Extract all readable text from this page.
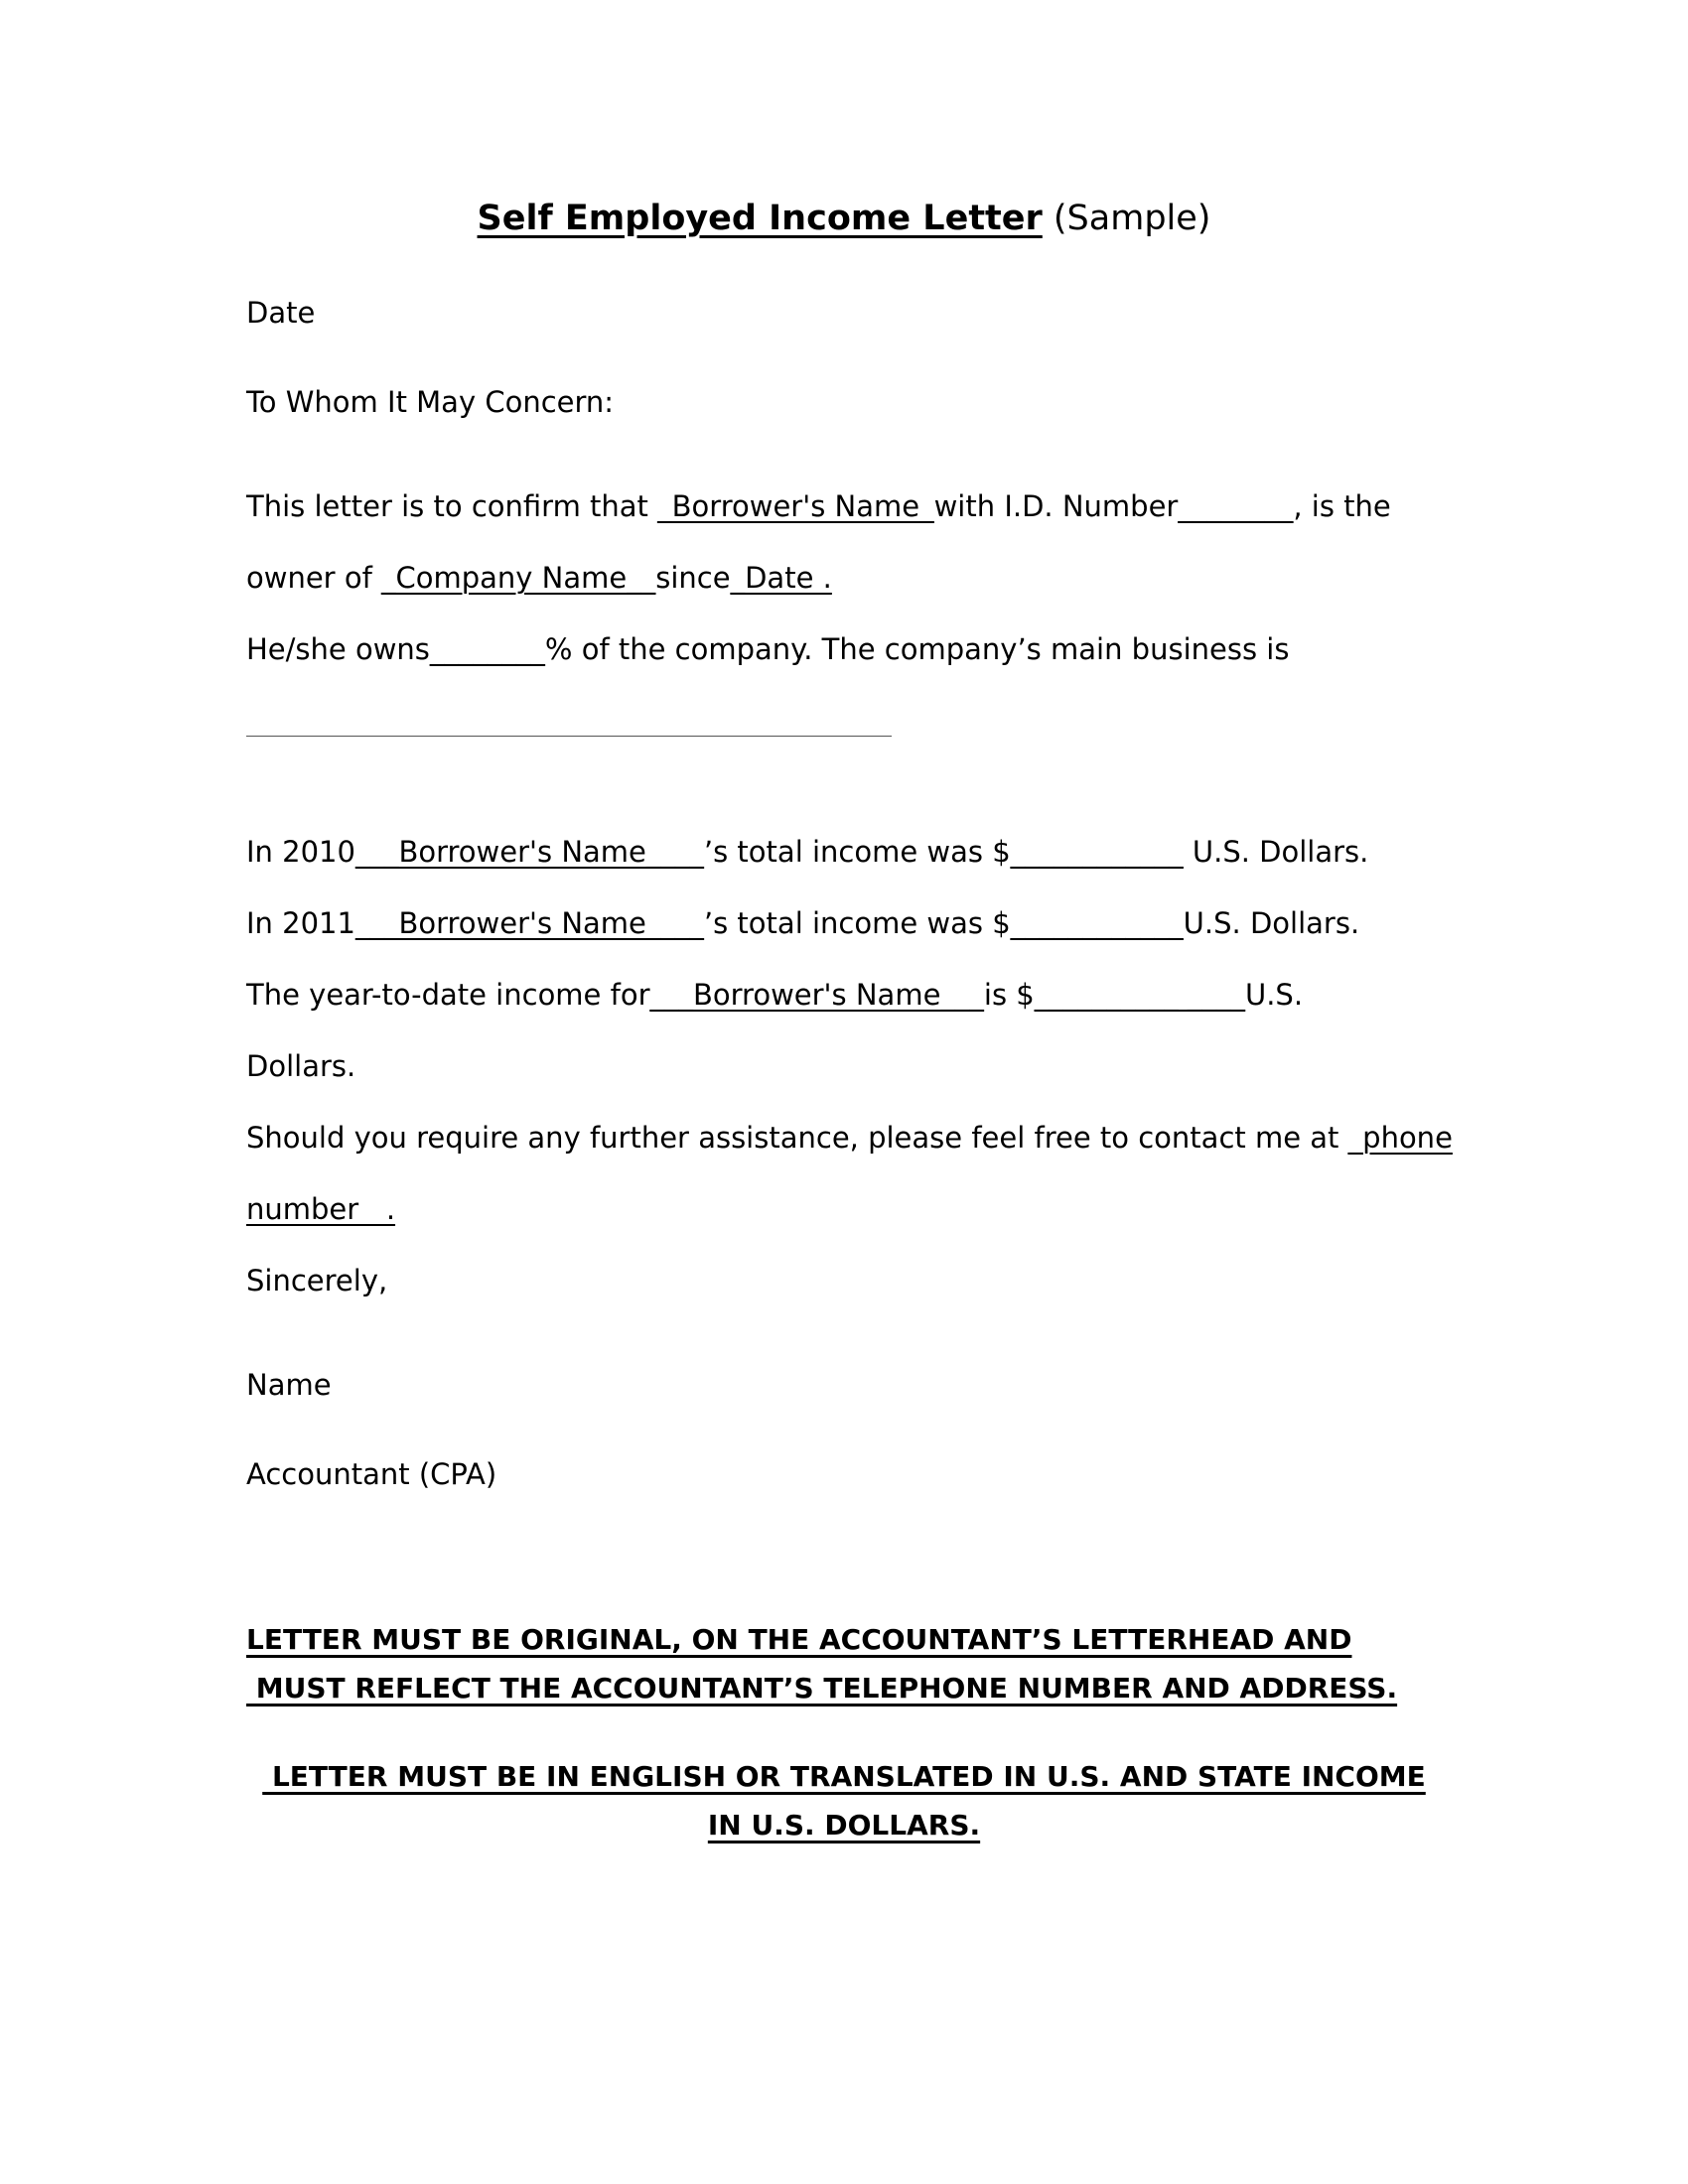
Self Employed Income Letter (Sample)
Date
To Whom It May Concern:
This letter is to confirm that _Borrower's Name_with I.D. Number________, is the
owner of _Company Name__since_Date .
He/she owns________% of the company. The company’s main business is
In 2010___Borrower's Name____’s total income was $____________ U.S. Dollars.
In 2011___Borrower's Name____’s total income was $____________U.S. Dollars.
The year-to-date income for___Borrower's Name___is $__________ ____U.S.
Dollars.
Should you require any further assistance, please feel free to contact me at _phone
number   .
Sincerely,
Name
Accountant (CPA)
LETTER MUST BE ORIGINAL, ON THE ACCOUNTANT’S LETTERHEAD AND
MUST REFLECT THE ACCOUNTANT’S TELEPHONE NUMBER AND ADDRESS.
LETTER MUST BE IN ENGLISH OR TRANSLATED IN U.S. AND STATE INCOME
IN U.S. DOLLARS.
